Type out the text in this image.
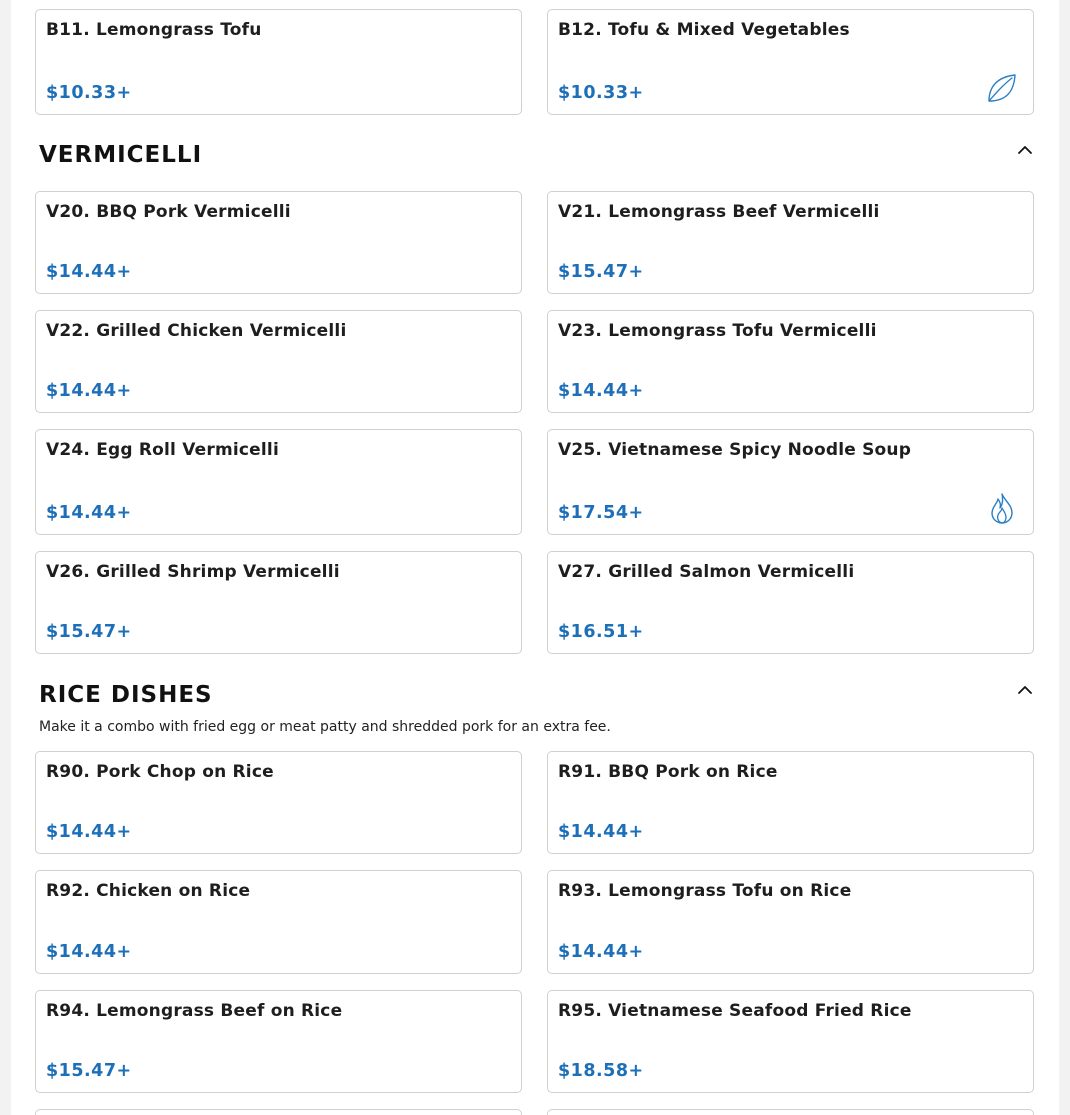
B11. Lemongrass Tofu
$10.33+
B12. Tofu & Mixed Vegetables
$10.33+
VERMICELLI
V20. BBQ Pork Vermicelli
$14.44+
V21. Lemongrass Beef Vermicelli
$15.47+
V22. Grilled Chicken Vermicelli
$14.44+
V23. Lemongrass Tofu Vermicelli
$14.44+
V24. Egg Roll Vermicelli
$14.44+
V25. Vietnamese Spicy Noodle Soup
$17.54+
V26. Grilled Shrimp Vermicelli
$15.47+
V27. Grilled Salmon Vermicelli
$16.51+
RICE DISHES
Make it a combo with fried egg or meat patty and shredded pork for an extra fee.
R90. Pork Chop on Rice
$14.44+
R91. BBQ Pork on Rice
$14.44+
R92. Chicken on Rice
$14.44+
R93. Lemongrass Tofu on Rice
$14.44+
R94. Lemongrass Beef on Rice
$15.47+
R95. Vietnamese Seafood Fried Rice
$18.58+
